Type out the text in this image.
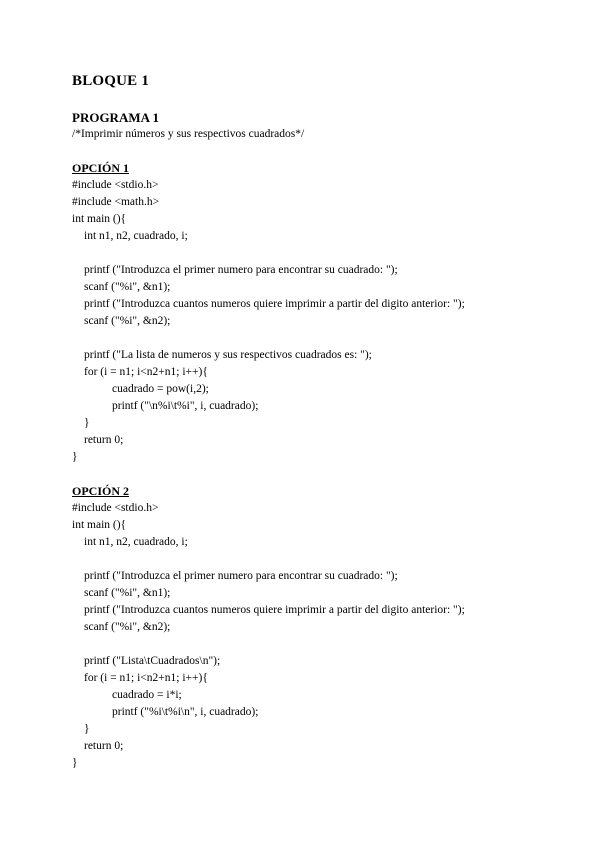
BLOQUE 1
PROGRAMA 1
/*Imprimir números y sus respectivos cuadrados*/
OPCIÓN 1
#include <stdio.h>
#include <math.h>
int main (){
int n1, n2, cuadrado, i;
printf ("Introduzca el primer numero para encontrar su cuadrado: ");
scanf ("%i", &n1);
printf ("Introduzca cuantos numeros quiere imprimir a partir del digito anterior: ");
scanf ("%i", &n2);
printf ("La lista de numeros y sus respectivos cuadrados es: ");
for (i = n1; i<n2+n1; i++){
cuadrado = pow(i,2);
printf ("\n%i\t%i", i, cuadrado);
}
return 0;
}
OPCIÓN 2
#include <stdio.h>
int main (){
int n1, n2, cuadrado, i;
printf ("Introduzca el primer numero para encontrar su cuadrado: ");
scanf ("%i", &n1);
printf ("Introduzca cuantos numeros quiere imprimir a partir del digito anterior: ");
scanf ("%i", &n2);
printf ("Lista\tCuadrados\n");
for (i = n1; i<n2+n1; i++){
cuadrado = i*i;
printf ("%i\t%i\n", i, cuadrado);
}
return 0;
}
